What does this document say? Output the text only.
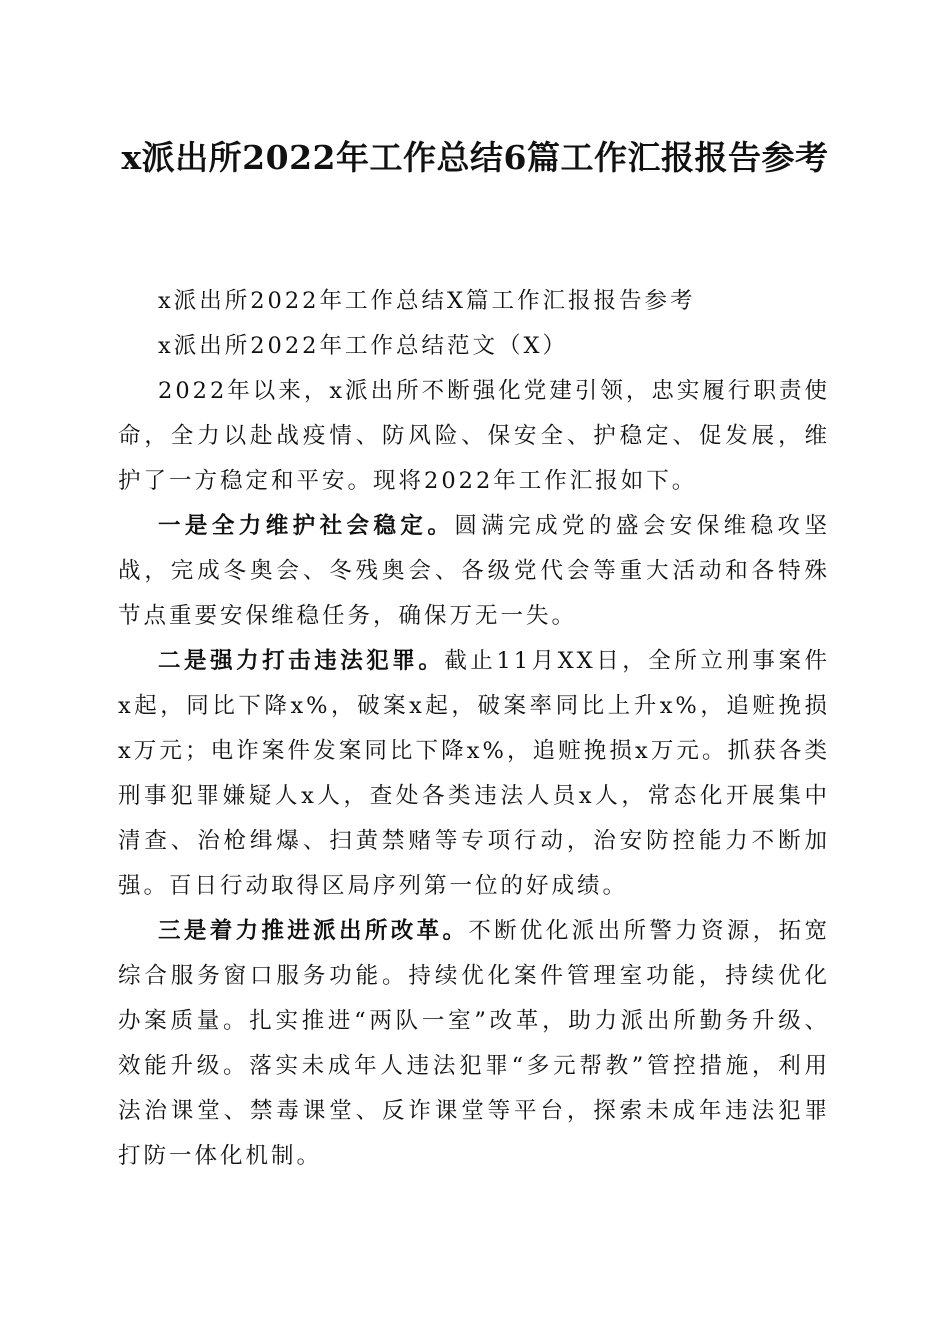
x派出所2022年工作总结6篇工作汇报报告参考

x派出所2022年工作总结X篇工作汇报报告参考

x派出所2022年工作总结范文（X）

2022年以来，x派出所不断强化党建引领，忠实履行职责使命，全力以赴战疫情、防风险、保安全、护稳定、促发展，维护了一方稳定和平安。现将2022年工作汇报如下。

一是全力维护社会稳定。圆满完成党的盛会安保维稳攻坚战，完成冬奥会、冬残奥会、各级党代会等重大活动和各特殊节点重要安保维稳任务，确保万无一失。

二是强力打击违法犯罪。截止11月XX日，全所立刑事案件x起，同比下降x%，破案x起，破案率同比上升x%，追赃挽损x万元；电诈案件发案同比下降x%，追赃挽损x万元。抓获各类刑事犯罪嫌疑人x人，查处各类违法人员x人，常态化开展集中清查、治枪缉爆、扫黄禁赌等专项行动，治安防控能力不断加强。百日行动取得区局序列第一位的好成绩。

三是着力推进派出所改革。不断优化派出所警力资源，拓宽综合服务窗口服务功能。持续优化案件管理室功能，持续优化办案质量。扎实推进“两队一室”改革，助力派出所勤务升级、效能升级。落实未成年人违法犯罪“多元帮教”管控措施，利用法治课堂、禁毒课堂、反诈课堂等平台，探索未成年违法犯罪打防一体化机制。
